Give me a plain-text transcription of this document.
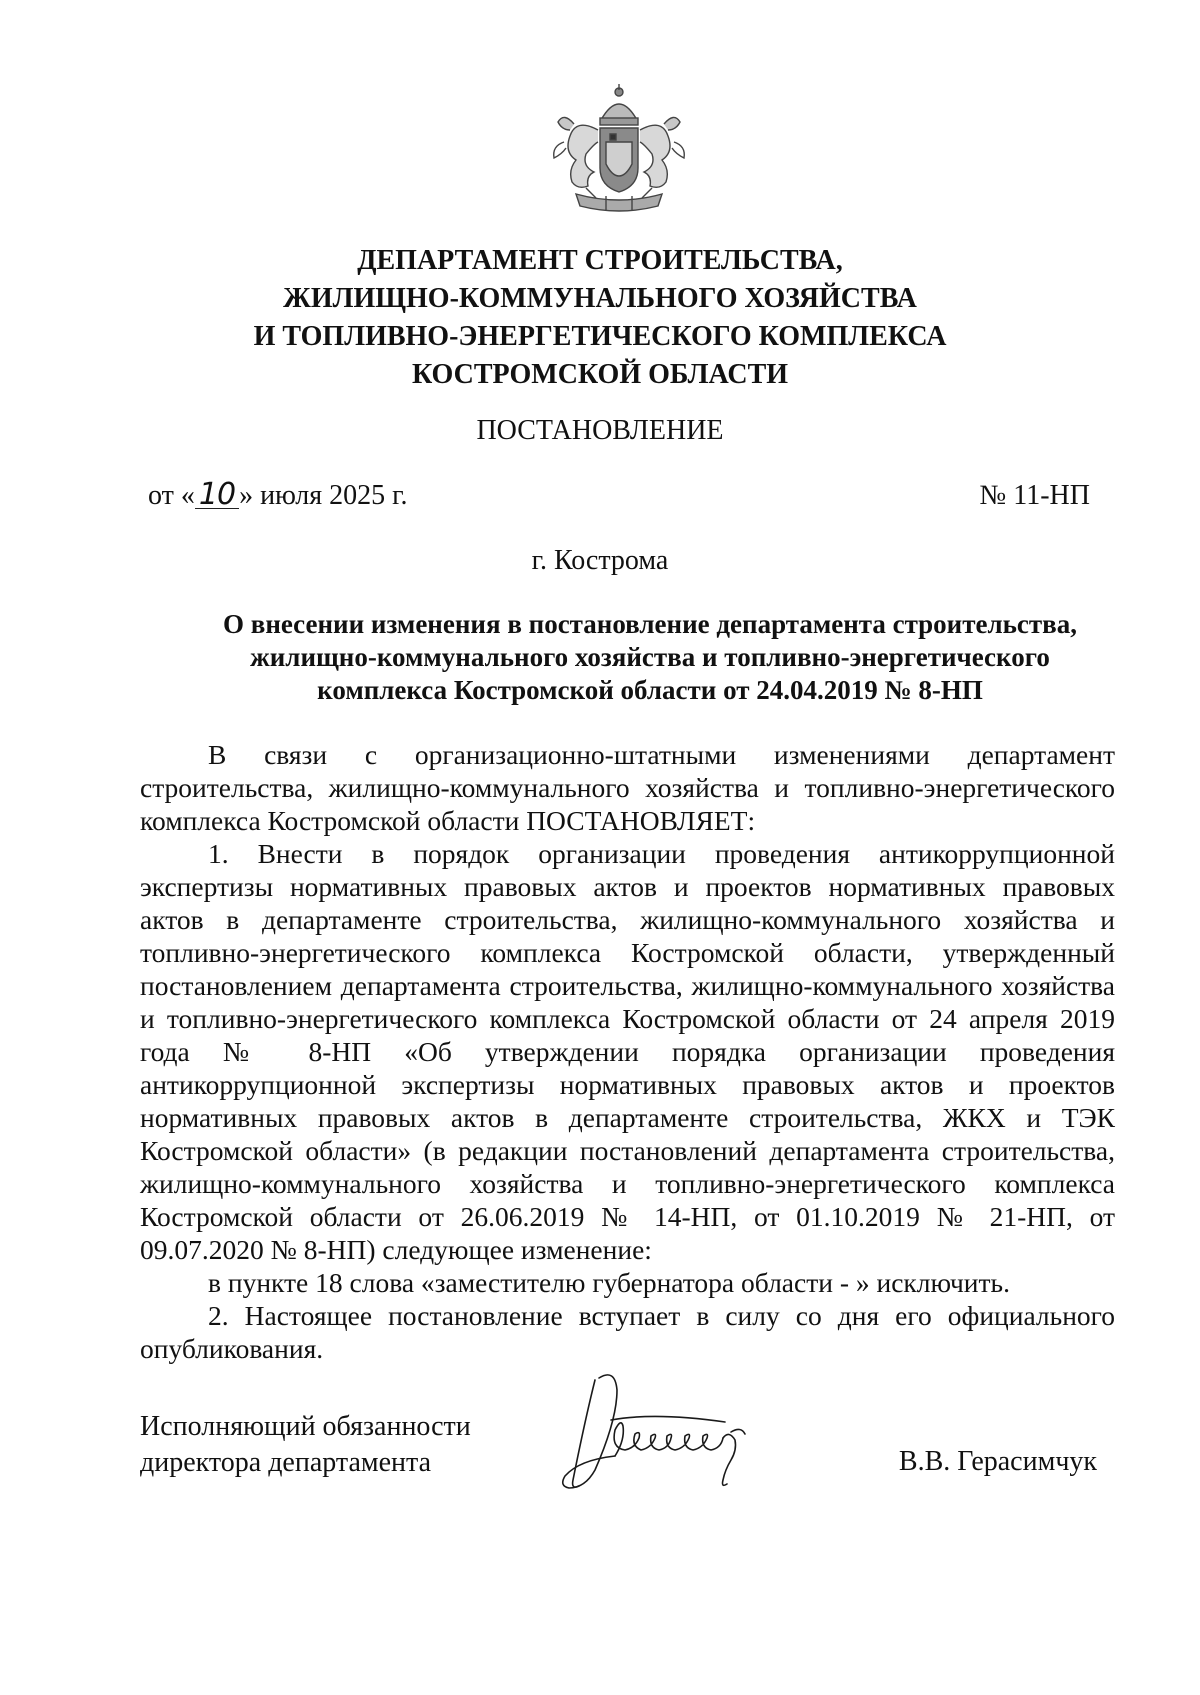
ДЕПАРТАМЕНТ СТРОИТЕЛЬСТВА,
ЖИЛИЩНО-КОММУНАЛЬНОГО ХОЗЯЙСТВА
И ТОПЛИВНО-ЭНЕРГЕТИЧЕСКОГО КОМПЛЕКСА
КОСТРОМСКОЙ ОБЛАСТИ
ПОСТАНОВЛЕНИЕ
от « 10 » июля 2025 г.	№ 11-НП
г. Кострома
О внесении изменения в постановление департамента строительства,
жилищно-коммунального хозяйства и топливно-энергетического
комплекса Костромской области от 24.04.2019 № 8-НП

В связи с организационно-штатными изменениями департамент строительства, жилищно-коммунального хозяйства и топливно-энергетического комплекса Костромской области ПОСТАНОВЛЯЕТ:

1. Внести в порядок организации проведения антикоррупционной экспертизы нормативных правовых актов и проектов нормативных правовых актов в департаменте строительства, жилищно-коммунального хозяйства и топливно-энергетического комплекса Костромской области, утвержденный постановлением департамента строительства, жилищно-коммунального хозяйства и топливно-энергетического комплекса Костромской области от 24 апреля 2019 года № 8-НП «Об утверждении порядка организации проведения антикоррупционной экспертизы нормативных правовых актов и проектов нормативных правовых актов в департаменте строительства, ЖКХ и ТЭК Костромской области» (в редакции постановлений департамента строительства, жилищно-коммунального хозяйства и топливно-энергетического комплекса Костромской области от 26.06.2019 № 14-НП, от 01.10.2019 № 21-НП, от 09.07.2020 № 8-НП) следующее изменение:

в пункте 18 слова «заместителю губернатора области - » исключить.

2. Настоящее постановление вступает в силу со дня его официального опубликования.

Исполняющий обязанности
директора департамента	В.В. Герасимчук
